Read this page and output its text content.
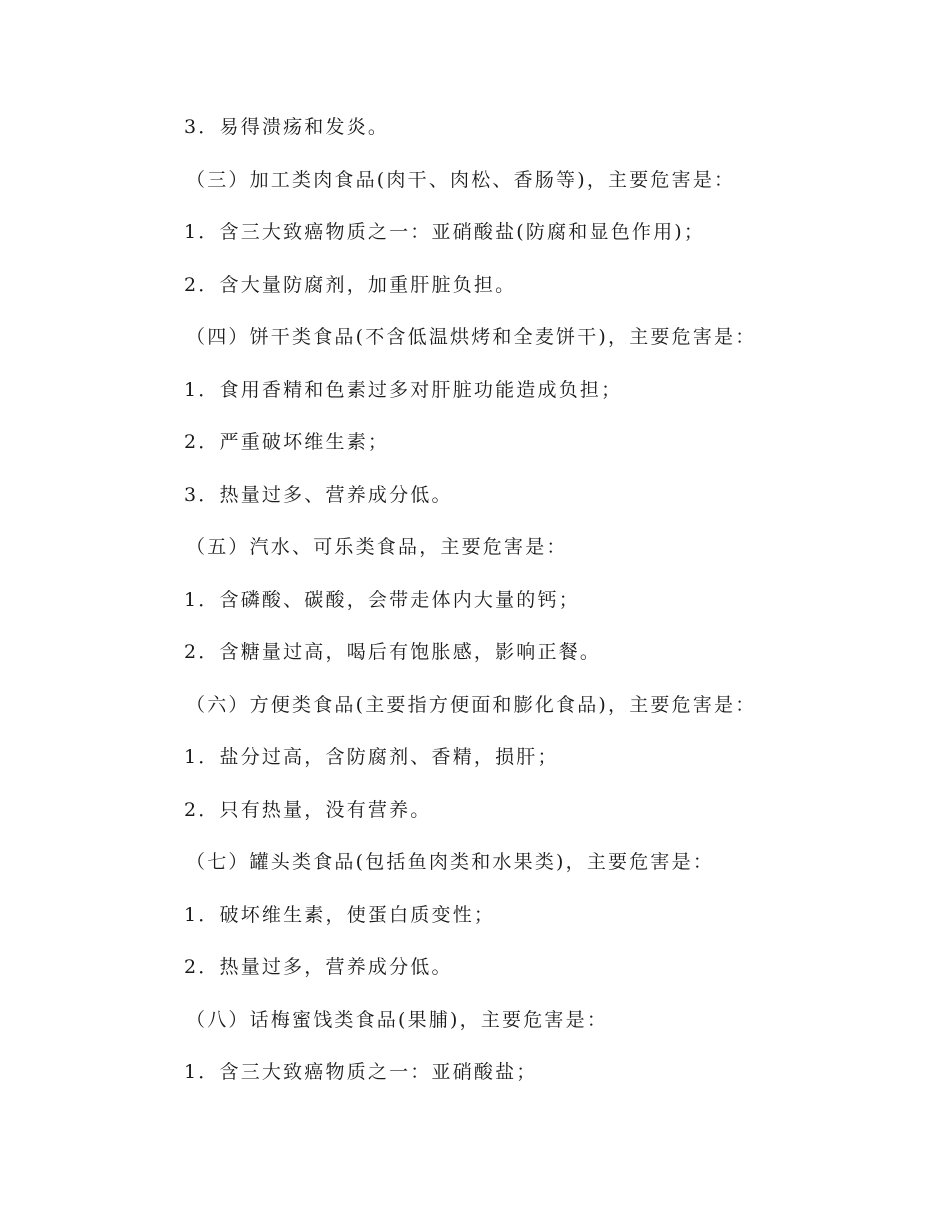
3．易得溃疡和发炎。
（三）加工类肉食品(肉干、肉松、香肠等)，主要危害是：
1．含三大致癌物质之一：亚硝酸盐(防腐和显色作用)；
2．含大量防腐剂，加重肝脏负担。
（四）饼干类食品(不含低温烘烤和全麦饼干)，主要危害是：
1．食用香精和色素过多对肝脏功能造成负担；
2．严重破坏维生素；
3．热量过多、营养成分低。
（五）汽水、可乐类食品，主要危害是：
1．含磷酸、碳酸，会带走体内大量的钙；
2．含糖量过高，喝后有饱胀感，影响正餐。
（六）方便类食品(主要指方便面和膨化食品)，主要危害是：
1．盐分过高，含防腐剂、香精，损肝；
2．只有热量，没有营养。
（七）罐头类食品(包括鱼肉类和水果类)，主要危害是：
1．破坏维生素，使蛋白质变性；
2．热量过多，营养成分低。
（八）话梅蜜饯类食品(果脯)，主要危害是：
1．含三大致癌物质之一：亚硝酸盐；
